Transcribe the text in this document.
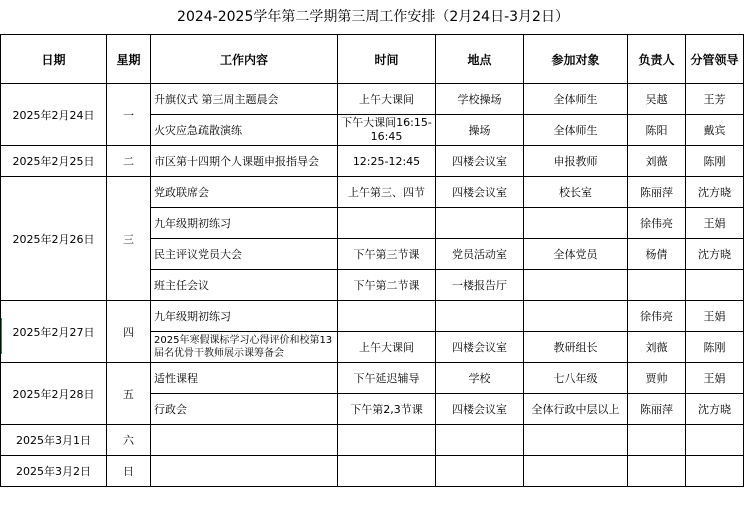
2024-2025学年第二学期第三周工作安排（2月24日-3月2日）
日期	星期	工作内容	时间	地点	参加对象	负责人	分管领导
2025年2月24日	一	升旗仪式 第三周主题晨会	上午大课间	学校操场	全体师生	吴越	王芳
		火灾应急疏散演练	下午大课间16:15-16:45	操场	全体师生	陈阳	戴宾
2025年2月25日	二	市区第十四期个人课题申报指导会	12:25-12:45	四楼会议室	申报教师	刘薇	陈刚
2025年2月26日	三	党政联席会	上午第三、四节	四楼会议室	校长室	陈丽萍	沈方晓
		九年级期初练习				徐伟亮	王娟
		民主评议党员大会	下午第三节课	党员活动室	全体党员	杨倩	沈方晓
		班主任会议	下午第二节课	一楼报告厅			
2025年2月27日	四	九年级期初练习				徐伟亮	王娟
		2025年寒假课标学习心得评价和校第13届名优骨干教师展示课筹备会	上午大课间	四楼会议室	教研组长	刘薇	陈刚
2025年2月28日	五	适性课程	下午延迟辅导	学校	七八年级	贾帅	王娟
		行政会	下午第2,3节课	四楼会议室	全体行政中层以上	陈丽萍	沈方晓
2025年3月1日	六						
2025年3月2日	日						
